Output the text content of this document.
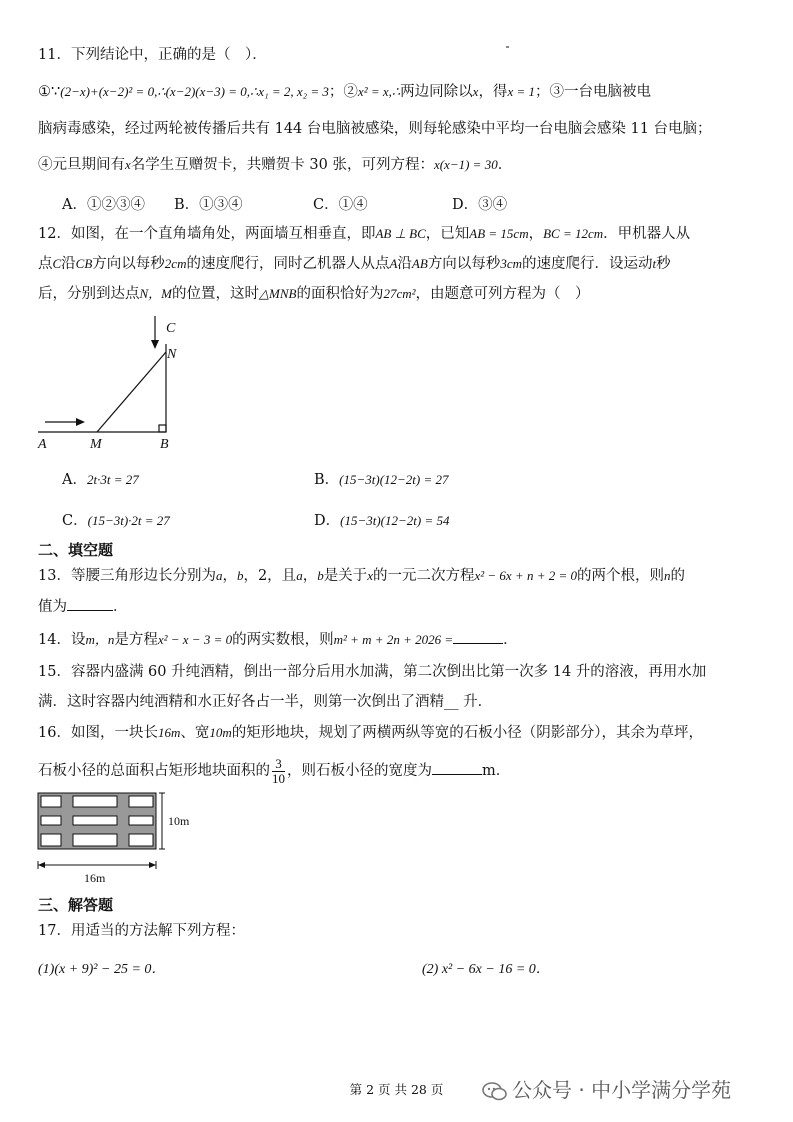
11．下列结论中，正确的是（　）．
①∵(2−x)+(x−2)² = 0,∴(x−2)(x−3) = 0,∴x₁ = 2, x₂ = 3；②x² = x,∴两边同除以x，得x = 1；③一台电脑被电
脑病毒感染，经过两轮被传播后共有 144 台电脑被感染，则每轮感染中平均一台电脑会感染 11 台电脑；
④元旦期间有x名学生互赠贺卡，共赠贺卡 30 张，可列方程：x(x−1) = 30．
A．①②③④ B．①③④	C．①④	D．③④
12．如图，在一个直角墙角处，两面墙互相垂直，即AB ⊥ BC，已知AB = 15cm，BC = 12cm．甲机器人从
点C沿CB方向以每秒2cm的速度爬行，同时乙机器人从点A沿AB方向以每秒3cm的速度爬行．设运动t秒
后，分别到达点N，M的位置，这时△MNB的面积恰好为27cm²，由题意可列方程为（　）
A	M	B
N
C
A．2t·3t = 27	B．(15−3t)(12−2t) = 27
C．(15−3t)·2t = 27	D．(15−3t)(12−2t) = 54
二、填空题
13．等腰三角形边长分别为a，b，2，且a，b是关于x的一元二次方程x² − 6x + n + 2 = 0的两个根，则n的
值为	．
14．设m，n是方程x² − x − 3 = 0的两实数根，则m² + m + 2n + 2026 =	．
15．容器内盛满 60 升纯酒精，倒出一部分后用水加满，第二次倒出比第一次多 14 升的溶液，再用水加
满．这时容器内纯酒精和水正好各占一半，则第一次倒出了酒精__ 升．
16．如图，一块长16m、宽10m的矩形地块，规划了两横两纵等宽的石板小径（阴影部分），其余为草坪，
石板小径的总面积占矩形地块面积的 $\frac{3}{10}$ ，则石板小径的宽度为	m．
10m
16m
三、解答题
17．用适当的方法解下列方程：
(1)(x + 9)² − 25 = 0．	(2) x² − 6x − 16 = 0．
第 2 页 共 28 页	公众号 · 中小学满分学苑
